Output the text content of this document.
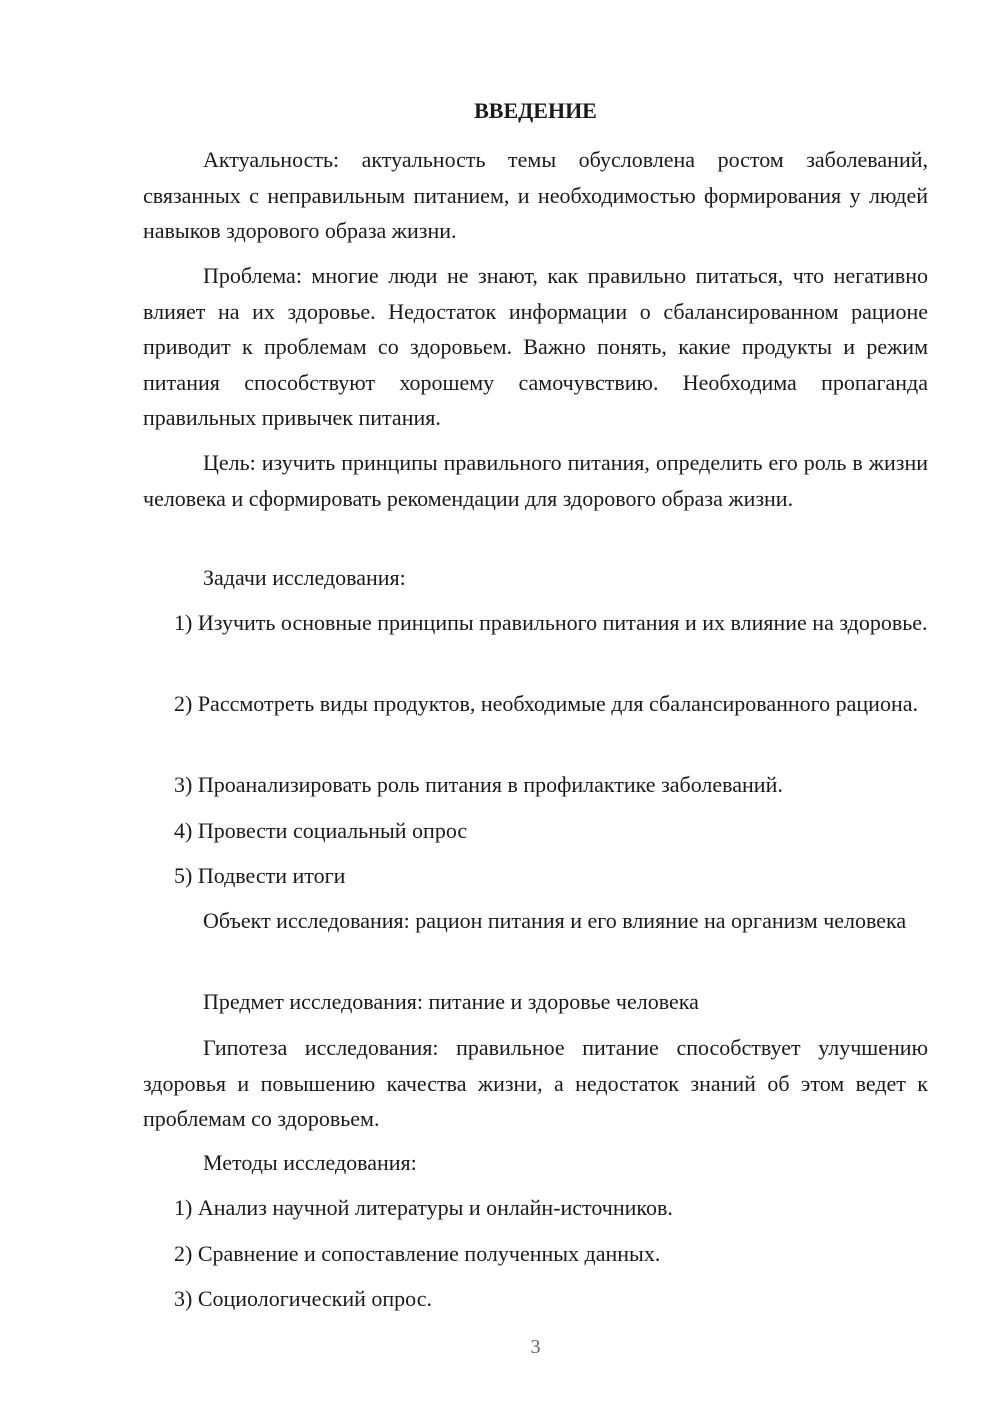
ВВЕДЕНИЕ

Актуальность: актуальность темы обусловлена ростом заболеваний, связанных с неправильным питанием, и необходимостью формирования у людей навыков здорового образа жизни.

Проблема: многие люди не знают, как правильно питаться, что негативно влияет на их здоровье. Недостаток информации о сбалансированном рационе приводит к проблемам со здоровьем. Важно понять, какие продукты и режим питания способствуют хорошему самочувствию. Необходима пропаганда правильных привычек питания.

Цель: изучить принципы правильного питания, определить его роль в жизни человека и сформировать рекомендации для здорового образа жизни.

Задачи исследования:

1) Изучить основные принципы правильного питания и их влияние на здоровье.

2) Рассмотреть виды продуктов, необходимые для сбалансированного рациона.

3) Проанализировать роль питания в профилактике заболеваний.

4) Провести социальный опрос

5) Подвести итоги

Объект исследования: рацион питания и его влияние на организм человека

Предмет исследования: питание и здоровье человека

Гипотеза исследования: правильное питание способствует улучшению здоровья и повышению качества жизни, а недостаток знаний об этом ведет к проблемам со здоровьем.

Методы исследования:

1) Анализ научной литературы и онлайн-источников.

2) Сравнение и сопоставление полученных данных.

3) Социологический опрос.

3
